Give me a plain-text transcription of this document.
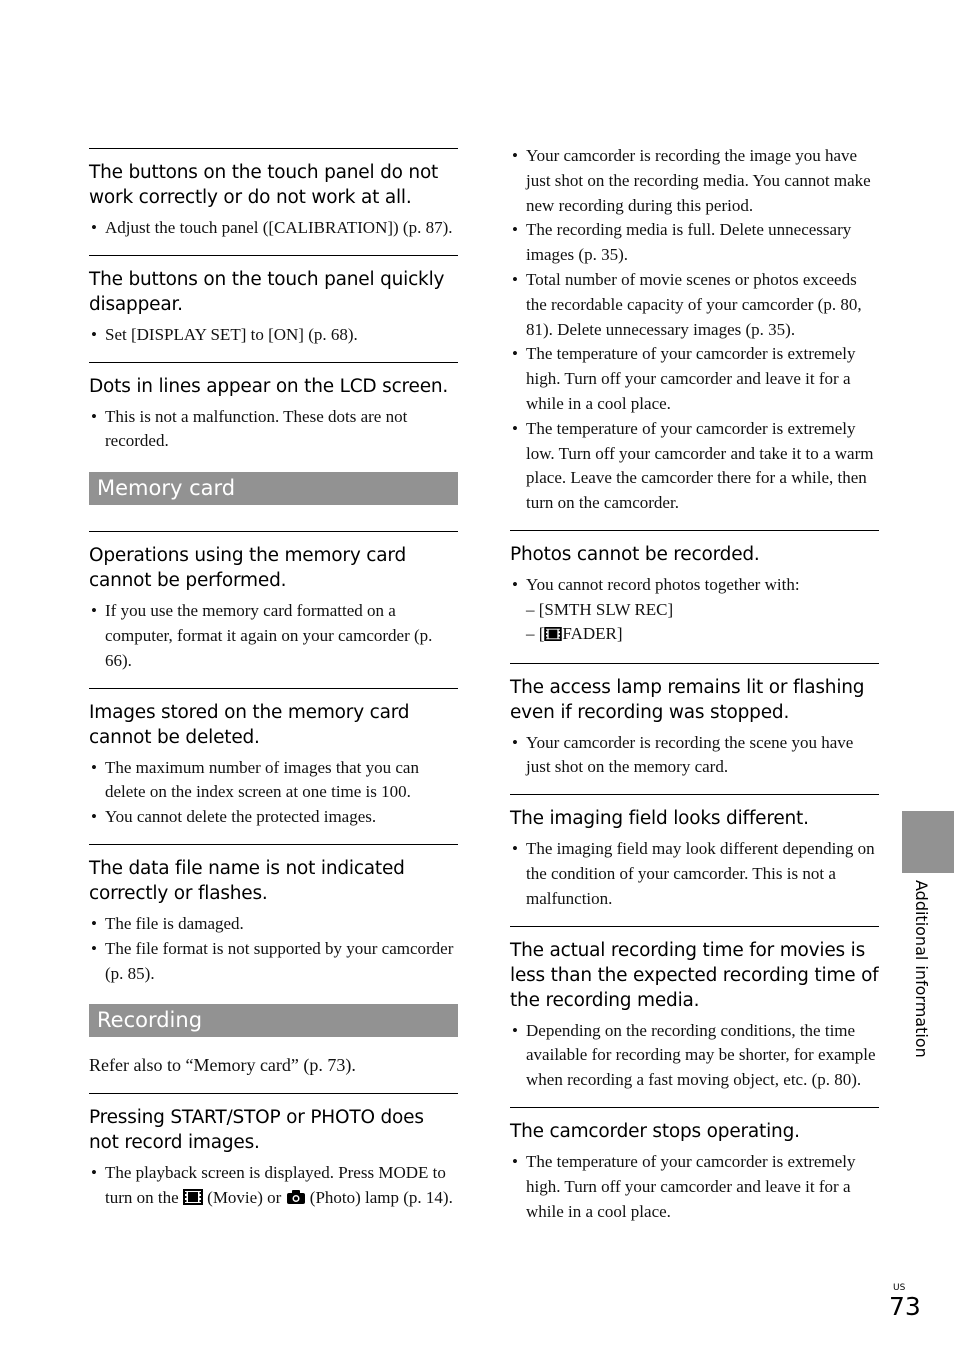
The buttons on the touch panel do not work correctly or do not work at all.
• Adjust the touch panel ([CALIBRATION]) (p. 87).
The buttons on the touch panel quickly disappear.
• Set [DISPLAY SET] to [ON] (p. 68).
Dots in lines appear on the LCD screen.
• This is not a malfunction. These dots are not recorded.
Memory card
Operations using the memory card cannot be performed.
• If you use the memory card formatted on a computer, format it again on your camcorder (p. 66).
Images stored on the memory card cannot be deleted.
• The maximum number of images that you can delete on the index screen at one time is 100.
• You cannot delete the protected images.
The data file name is not indicated correctly or flashes.
• The file is damaged.
• The file format is not supported by your camcorder (p. 85).
Recording
Refer also to “Memory card” (p. 73).
Pressing START/STOP or PHOTO does not record images.
• The playback screen is displayed. Press MODE to turn on the (Movie) or (Photo) lamp (p. 14).
• Your camcorder is recording the image you have just shot on the recording media. You cannot make new recording during this period.
• The recording media is full. Delete unnecessary images (p. 35).
• Total number of movie scenes or photos exceeds the recordable capacity of your camcorder (p. 80, 81). Delete unnecessary images (p. 35).
• The temperature of your camcorder is extremely high. Turn off your camcorder and leave it for a while in a cool place.
• The temperature of your camcorder is extremely low. Turn off your camcorder and take it to a warm place. Leave the camcorder there for a while, then turn on the camcorder.
Photos cannot be recorded.
• You cannot record photos together with:
– [SMTH SLW REC]
– [ FADER]
The access lamp remains lit or flashing even if recording was stopped.
• Your camcorder is recording the scene you have just shot on the memory card.
The imaging field looks different.
• The imaging field may look different depending on the condition of your camcorder. This is not a malfunction.
The actual recording time for movies is less than the expected recording time of the recording media.
• Depending on the recording conditions, the time available for recording may be shorter, for example when recording a fast moving object, etc. (p. 80).
The camcorder stops operating.
• The temperature of your camcorder is extremely high. Turn off your camcorder and leave it for a while in a cool place.
Additional information
US
73
